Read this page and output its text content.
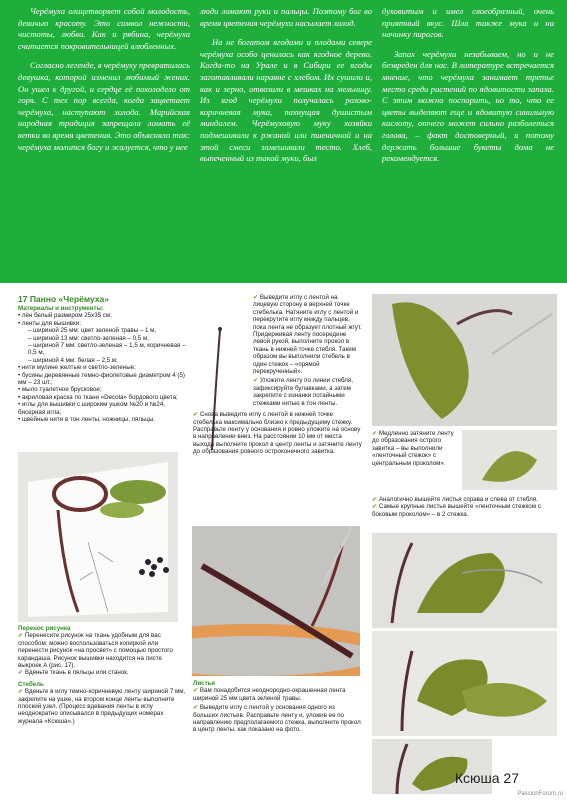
Черёмуха олицетворяет собой молодость, девичью красоту. Это символ нежности, чистоты, любви. Как и рябина, черёмуха считается покровительницей влюбленных.

Согласно легенде, в черёмуху превратилась девушка, которой изменил любимый жених. Он ушел к другой, и сердце её похолодело от горя. С тех пор всегда, когда зацветает черёмуха, наступают холода. Марийская народная традиция запрещала ломать её ветки во время цветения. Это объясняло так: черёмуха молится богу и жалуется, что у нее

люди ломают руки и пальцы. Поэтому бог во время цветения черёмухи насылает холод.

На не богатом ягодами и плодами севере черёмуха особо ценилась как ягодное дерево. Когда-то на Урале и в Сибири ее ягоды заготавливали наравне с хлебом. Их сушили и, как и зерно, отвозили в мешках на мельницу. Из ягод черёмухи получалась розово-коричневая мука, пахнущая душистым миндалем. Черёмуховую муку хозяйки подмешивали к ржаной или пшеничной и на этой смеси замешивали тесто. Хлеб, выпеченный из такой муки, был

духовитым и имел своеобразный, очень приятный вкус. Шла также мука и на начинку пирогов.

Запах черёмухи незабываем, но и не безвреден для нас. В литературе встречается мнение, что черёмуха занимает третье место среди растений по ядовитости запаха. С этим можно поспорить, но то, что ее цветы выделяют еще и ядовитую синильную кислоту, отчего может сильно разболеться голова, – факт достоверный, и потому держать большие букеты дома не рекомендуется.

17 Панно «Черёмуха»

Материалы и инструменты:

• лён белый размером 25х35 см;

• ленты для вышивки:

– шириной 25 мм: цвет зеленой травы – 1 м,

– шириной 13 мм: светло-зеленая – 0,5 м,

– шириной 7 мм: светло-зеленая – 1,5 м, коричневая – 0,5 м,

– шириной 4 мм: белая – 2,5 м;

• нити мулине желтые и светло-зеленые;

• бусины деревянные темно-фиолетовые диаметром 4 (5) мм – 23 шт.;

• мыло туалетное брусковое;

• акриловая краска по ткани «Decola» бордового цвета;

• иглы для вышивки с широким ушком №20 и №24, бисерная игла;

• швейные нити в тон ленты, ножницы, пяльцы.

Перенос рисунка

✔ Перенесите рисунок на ткань удобным для вас способом: можно воспользоваться копиркой или перенести рисунок «на просвет» с помощью простого карандаша. Рисунок вышивки находится на листе выкроек А (рис. 17).

✔ Вденьте ткань в пяльцы или станок.

Стебель

✔ Вденьте в иглу темно-коричневую ленту шириной 7 мм, закрепите на ушке, на втором конце ленты выполните плоский узел. (Процесс вдевания ленты в иглу неоднократно описывался в предыдущих номерах журнала «Ксюша».)

✔ Выведите иглу с лентой на лицевую сторону в верхней точке стебелька. Натяните иглу с лентой и перекрутите иглу между пальцев, пока лента не образует плотный жгут. Придерживая ленту посередине левой рукой, выполните прокол в ткань в нижней точке стебля. Таким образом вы выполнили стебель в один стежок – «прямой перекрученный».

✔ Уложите ленту по линии стебля, зафиксируйте булавками, а затем закрепите с изнанки потайными стежками нитью в тон ленты.

✔ Снова выведите иглу с лентой в нижней точке стебелька максимально близко к предыдущему стежку. Расправьте ленту у основания и ровно уложите на основу в направлении вниз. На расстоянии 10 мм от места выхода выполните прокол в центр ленты и затяните ленту до образования ровного остроконечного завитка.

Листья

✔ Вам понадобится неоднородно-окрашенная лента шириной 25 мм цвета зеленой травы.

✔ Выведите иглу с лентой у основания одного из больших листьев. Расправьте ленту и, уложив ее по направлению предполагаемого стежка, выполните прокол в центр ленты, как показано на фото.

✔ Медленно затяните ленту до образования острого завитка – вы выполнили «ленточный стежок» с центральным проколом».

✔ Аналогично вышейте листья справа и слева от стебля.

✔ Самые крупные листья вышейте «ленточным стежком с боковым проколом» – в 2 стежка.

Ксюша 27
PassionForum.ru
